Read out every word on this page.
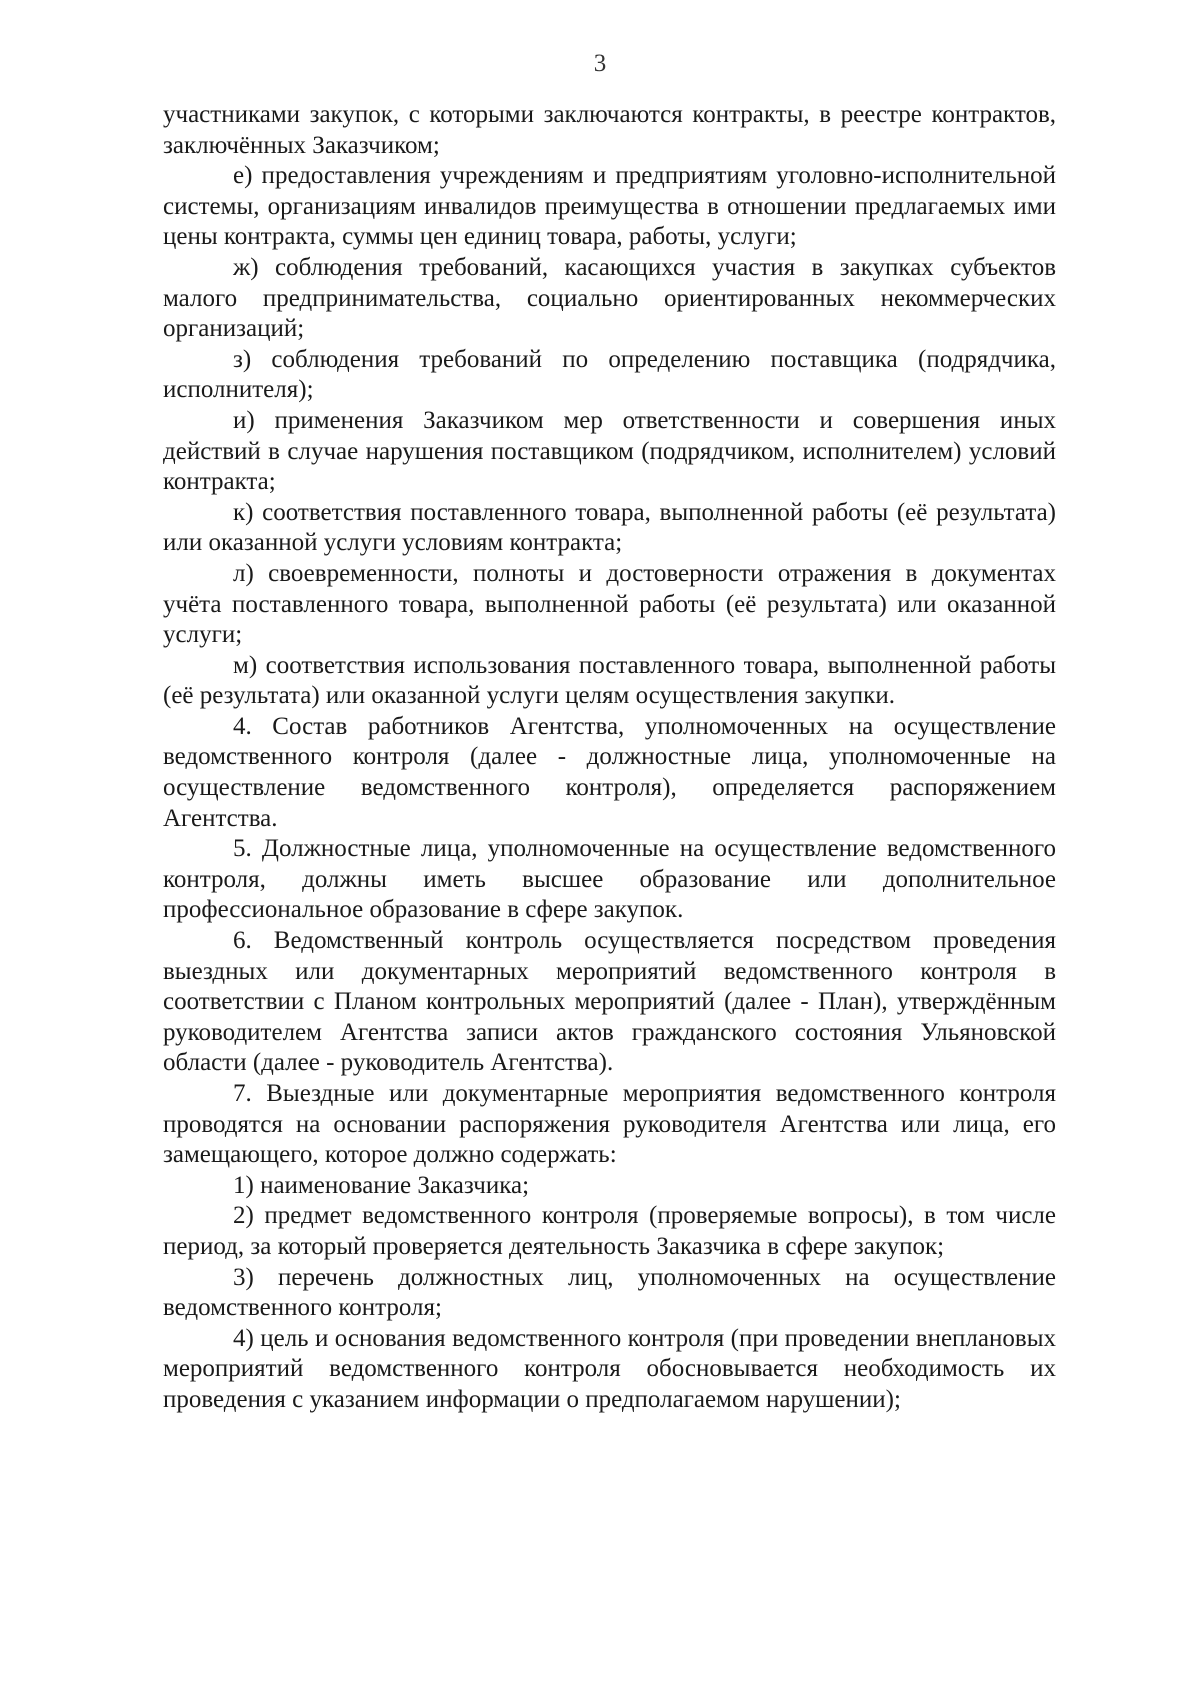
3

участниками закупок, с которыми заключаются контракты, в реестре контрактов, заключённых Заказчиком;

е) предоставления учреждениям и предприятиям уголовно-исполнительной системы, организациям инвалидов преимущества в отношении предлагаемых ими цены контракта, суммы цен единиц товара, работы, услуги;

ж) соблюдения требований, касающихся участия в закупках субъектов малого предпринимательства, социально ориентированных некоммерческих организаций;

з) соблюдения требований по определению поставщика (подрядчика, исполнителя);

и) применения Заказчиком мер ответственности и совершения иных действий в случае нарушения поставщиком (подрядчиком, исполнителем) условий контракта;

к) соответствия поставленного товара, выполненной работы (её результата) или оказанной услуги условиям контракта;

л) своевременности, полноты и достоверности отражения в документах учёта поставленного товара, выполненной работы (её результата) или оказанной услуги;

м) соответствия использования поставленного товара, выполненной работы (её результата) или оказанной услуги целям осуществления закупки.

4. Состав работников Агентства, уполномоченных на осуществление ведомственного контроля (далее - должностные лица, уполномоченные на осуществление ведомственного контроля), определяется распоряжением Агентства.

5. Должностные лица, уполномоченные на осуществление ведомственного контроля, должны иметь высшее образование или дополнительное профессиональное образование в сфере закупок.

6. Ведомственный контроль осуществляется посредством проведения выездных или документарных мероприятий ведомственного контроля в соответствии с Планом контрольных мероприятий (далее - План), утверждённым руководителем Агентства записи актов гражданского состояния Ульяновской области (далее - руководитель Агентства).

7. Выездные или документарные мероприятия ведомственного контроля проводятся на основании распоряжения руководителя Агентства или лица, его замещающего, которое должно содержать:

1) наименование Заказчика;

2) предмет ведомственного контроля (проверяемые вопросы), в том числе период, за который проверяется деятельность Заказчика в сфере закупок;

3) перечень должностных лиц, уполномоченных на осуществление ведомственного контроля;

4) цель и основания ведомственного контроля (при проведении внеплановых мероприятий ведомственного контроля обосновывается необходимость их проведения с указанием информации о предполагаемом нарушении);
